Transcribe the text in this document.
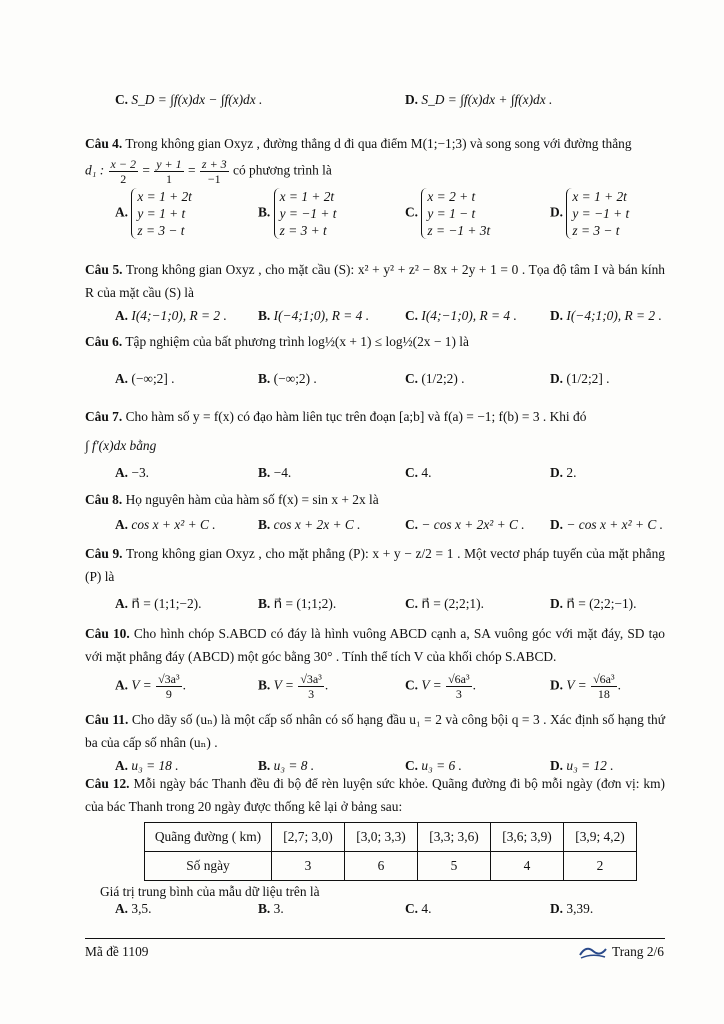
C. S_D = ∫f(x)dx − ∫f(x)dx .	D. S_D = ∫f(x)dx + ∫f(x)dx .
Câu 4. Trong không gian Oxyz , đường thẳng d đi qua điểm M(1;−1;3) và song song với đường thẳng
d₁ : $\frac{x - 2}{2} = \frac{y + 1}{1} = \frac{z + 3}{-1}$ có phương trình là
A.
x = 1 + 2t
y = 1 + t
z = 3 − t
B.
x = 1 + 2t
y = −1 + t
z = 3 + t
C.
x = 2 + t
y = 1 − t
z = −1 + 3t
D.
x = 1 + 2t
y = −1 + t
z = 3 − t
Câu 5. Trong không gian Oxyz , cho mặt cầu (S): x² + y² + z² − 8x + 2y + 1 = 0 . Tọa độ tâm I và bán kính R của mặt cầu (S) là
A. I(4;−1;0), R = 2 . B. I(−4;1;0), R = 4 .	C. I(4;−1;0), R = 4 . D. I(−4;1;0), R = 2 .
Câu 6. Tập nghiệm của bất phương trình log½(x + 1) ≤ log½(2x − 1) là
A. (−∞;2] .	B. (−∞;2) .	C. (1/2;2) .	D. (1/2;2] .
Câu 7. Cho hàm số y = f(x) có đạo hàm liên tục trên đoạn [a;b] và f(a) = −1; f(b) = 3 . Khi đó
∫ f′(x)dx bằng
A. −3.	B. −4.	C. 4.	D. 2.
Câu 8. Họ nguyên hàm của hàm số f(x) = sin x + 2x là
A. cos x + x² + C .	B. cos x + 2x + C .	C. − cos x + 2x² + C . D. − cos x + x² + C .
Câu 9. Trong không gian Oxyz , cho mặt phẳng (P): x + y − z/2 = 1 . Một vectơ pháp tuyến của mặt phẳng (P) là
A. n⃗ = (1;1;−2).	B. n⃗ = (1;1;2).	C. n⃗ = (2;2;1).	D. n⃗ = (2;2;−1).
Câu 10. Cho hình chóp S.ABCD có đáy là hình vuông ABCD cạnh a, SA vuông góc với mặt đáy, SD tạo với mặt phẳng đáy (ABCD) một góc bằng 30° . Tính thể tích V của khối chóp S.ABCD.
A. $V = \frac{\text{√3a³}}{9}$ .	B. $V = \frac{\text{√3a³}}{3}$ .	C. $V = \frac{\text{√6a³}}{3}$ .	D. $V = \frac{\text{√6a³}}{18}$ .
Câu 11. Cho dãy số (uₙ) là một cấp số nhân có số hạng đầu u₁ = 2 và công bội q = 3 . Xác định số hạng thứ ba của cấp số nhân (uₙ) .
A. u₃ = 18 .	B. u₃ = 8 .	C. u₃ = 6 .	D. u₃ = 12 .
Câu 12. Mỗi ngày bác Thanh đều đi bộ để rèn luyện sức khỏe. Quãng đường đi bộ mỗi ngày (đơn vị: km) của bác Thanh trong 20 ngày được thống kê lại ở bảng sau:
Quãng đường ( km)	[2,7; 3,0)	[3,0; 3,3)	[3,3; 3,6)	[3,6; 3,9)	[3,9; 4,2)
Số ngày	3	6	5	4	2
Giá trị trung bình của mẫu dữ liệu trên là
A. 3,5.	B. 3.	C. 4.	D. 3,39.
Mã đề 1109	Trang 2/6
